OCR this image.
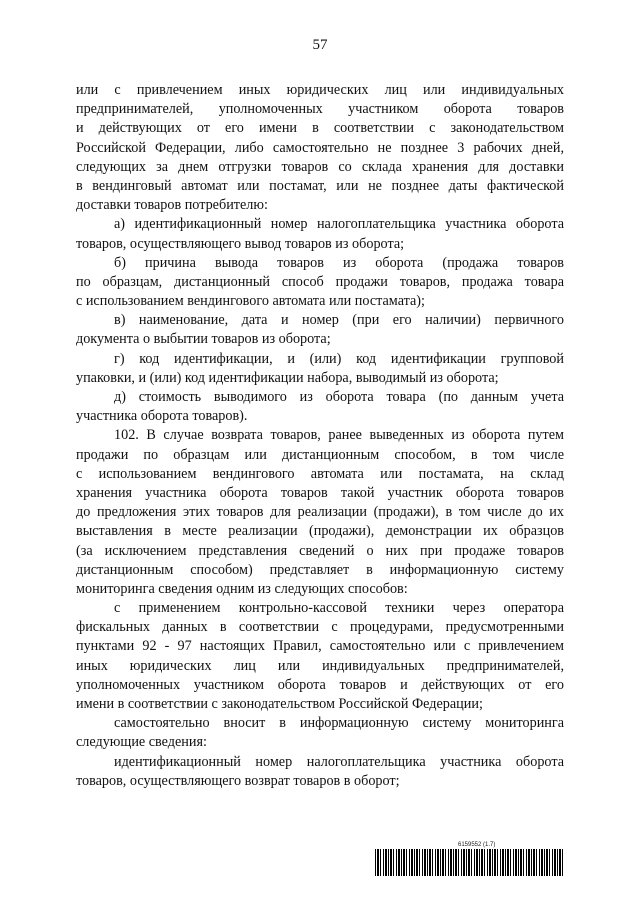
57
или с привлечением иных юридических лиц или индивидуальных
предпринимателей, уполномоченных участником оборота товаров
и действующих от его имени в соответствии с законодательством
Российской Федерации, либо самостоятельно не позднее 3 рабочих дней,
следующих за днем отгрузки товаров со склада хранения для доставки
в вендинговый автомат или постамат, или не позднее даты фактической
доставки товаров потребителю:
а) идентификационный номер налогоплательщика участника оборота
товаров, осуществляющего вывод товаров из оборота;
б) причина вывода товаров из оборота (продажа товаров
по образцам, дистанционный способ продажи товаров, продажа товара
с использованием вендингового автомата или постамата);
в) наименование, дата и номер (при его наличии) первичного
документа о выбытии товаров из оборота;
г) код идентификации, и (или) код идентификации групповой
упаковки, и (или) код идентификации набора, выводимый из оборота;
д) стоимость выводимого из оборота товара (по данным учета
участника оборота товаров).
102. В случае возврата товаров, ранее выведенных из оборота путем
продажи по образцам или дистанционным способом, в том числе
с использованием вендингового автомата или постамата, на склад
хранения участника оборота товаров такой участник оборота товаров
до предложения этих товаров для реализации (продажи), в том числе до их
выставления в месте реализации (продажи), демонстрации их образцов
(за исключением представления сведений о них при продаже товаров
дистанционным способом) представляет в информационную систему
мониторинга сведения одним из следующих способов:
с применением контрольно-кассовой техники через оператора
фискальных данных в соответствии с процедурами, предусмотренными
пунктами 92 - 97 настоящих Правил, самостоятельно или с привлечением
иных юридических лиц или индивидуальных предпринимателей,
уполномоченных участником оборота товаров и действующих от его
имени в соответствии с законодательством Российской Федерации;
самостоятельно вносит в информационную систему мониторинга
следующие сведения:
идентификационный номер налогоплательщика участника оборота
товаров, осуществляющего возврат товаров в оборот;
6159552 (1.7)
